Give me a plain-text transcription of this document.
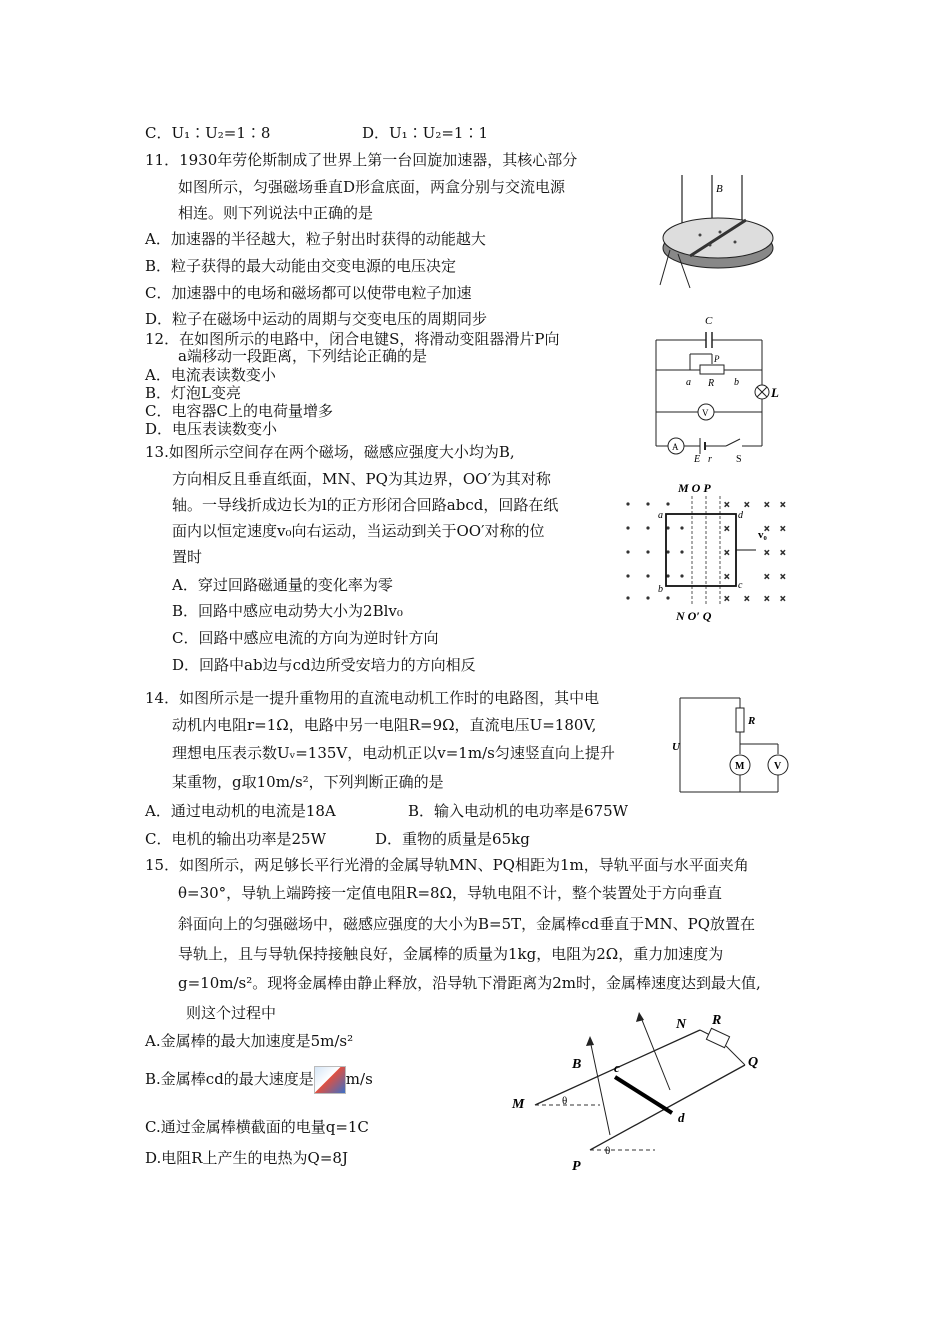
C．U₁∶U₂=1∶8	D．U₁∶U₂=1∶1
11．1930年劳伦斯制成了世界上第一台回旋加速器，其核心部分
如图所示，匀强磁场垂直D形盒底面，两盒分别与交流电源
相连。则下列说法中正确的是
A．加速器的半径越大，粒子射出时获得的动能越大
B．粒子获得的最大动能由交变电源的电压决定
C．加速器中的电场和磁场都可以使带电粒子加速
D．粒子在磁场中运动的周期与交变电压的周期同步
B
12．在如图所示的电路中，闭合电键S，将滑动变阻器滑片P向
a端移动一段距离，下列结论正确的是
A．电流表读数变小
B．灯泡L变亮
C．电容器C上的电荷量增多
D．电压表读数变小
C
P
a R b
L
V
A
E r S
13.如图所示空间存在两个磁场，磁感应强度大小均为B,
方向相反且垂直纸面，MN、PQ为其边界，OO′为其对称
轴。一导线折成边长为l的正方形闭合回路abcd，回路在纸
面内以恒定速度v₀向右运动，当运动到关于OO′对称的位
置时
A．穿过回路磁通量的变化率为零
B．回路中感应电动势大小为2Blv₀
C．回路中感应电流的方向为逆时针方向
D．回路中ab边与cd边所受安培力的方向相反
M O P
N O′ Q
× × × ×
×	× ×
×	× ×
×	× ×
× × × ×
a
b
d
c
v₀
14．如图所示是一提升重物用的直流电动机工作时的电路图，其中电
动机内电阻r=1Ω，电路中另一电阻R=9Ω，直流电压U=180V,
理想电压表示数Uᵥ=135V，电动机正以v=1m/s匀速竖直向上提升
某重物，g取10m/s²，下列判断正确的是
A．通过电动机的电流是18A	B．输入电动机的电功率是675W
C．电机的输出功率是25W	D．重物的质量是65kg
U
R
M	V
15．如图所示，两足够长平行光滑的金属导轨MN、PQ相距为1m，导轨平面与水平面夹角
θ=30°，导轨上端跨接一定值电阻R=8Ω，导轨电阻不计，整个装置处于方向垂直
斜面向上的匀强磁场中，磁感应强度的大小为B=5T，金属棒cd垂直于MN、PQ放置在
导轨上，且与导轨保持接触良好，金属棒的质量为1kg，电阻为2Ω，重力加速度为
g=10m/s²。现将金属棒由静止释放，沿导轨下滑距离为2m时，金属棒速度达到最大值,
则这个过程中
A.金属棒的最大加速度是5m/s²
B.金属棒cd的最大速度是 m/s
C.通过金属棒横截面的电量q=1C
D.电阻R上产生的电热为Q=8J
N R
B	c	Q
M	θ
d
P
θ
